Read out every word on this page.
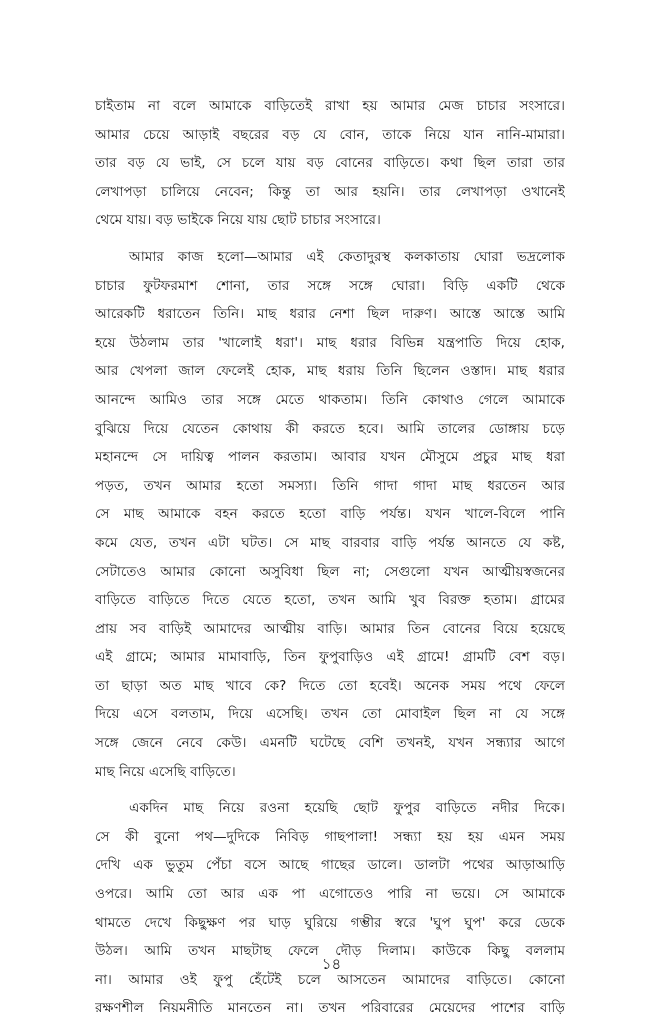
চাইতাম না বলে আমাকে বাড়িতেই রাখা হয় আমার মেজ চাচার সংসারে।
আমার চেয়ে আড়াই বছরের বড় যে বোন, তাকে নিয়ে যান নানি-মামারা।
তার বড় যে ভাই, সে চলে যায় বড় বোনের বাড়িতে। কথা ছিল তারা তার
লেখাপড়া চালিয়ে নেবেন; কিন্তু তা আর হয়নি। তার লেখাপড়া ওখানেই
থেমে যায়। বড় ভাইকে নিয়ে যায় ছোট চাচার সংসারে।
আমার কাজ হলো—আমার এই কেতাদুরস্থ কলকাতায় ঘোরা ভদ্রলোক
চাচার ফুটফরমাশ শোনা, তার সঙ্গে সঙ্গে ঘোরা। বিড়ি একটি থেকে
আরেকটি ধরাতেন তিনি। মাছ ধরার নেশা ছিল দারুণ। আস্তে আস্তে আমি
হয়ে উঠলাম তার 'খালোই ধরা'। মাছ ধরার বিভিন্ন যন্ত্রপাতি দিয়ে হোক,
আর খেপলা জাল ফেলেই হোক, মাছ ধরায় তিনি ছিলেন ওস্তাদ। মাছ ধরার
আনন্দে আমিও তার সঙ্গে মেতে থাকতাম। তিনি কোথাও গেলে আমাকে
বুঝিয়ে দিয়ে যেতেন কোথায় কী করতে হবে। আমি তালের ডোঙ্গায় চড়ে
মহানন্দে সে দায়িত্ব পালন করতাম। আবার যখন মৌসুমে প্রচুর মাছ ধরা
পড়ত, তখন আমার হতো সমস্যা। তিনি গাদা গাদা মাছ ধরতেন আর
সে মাছ আমাকে বহন করতে হতো বাড়ি পর্যন্ত। যখন খালে-বিলে পানি
কমে যেত, তখন এটা ঘটত। সে মাছ বারবার বাড়ি পর্যন্ত আনতে যে কষ্ট,
সেটাতেও আমার কোনো অসুবিধা ছিল না; সেগুলো যখন আত্মীয়স্বজনের
বাড়িতে বাড়িতে দিতে যেতে হতো, তখন আমি খুব বিরক্ত হতাম। গ্রামের
প্রায় সব বাড়িই আমাদের আত্মীয় বাড়ি। আমার তিন বোনের বিয়ে হয়েছে
এই গ্রামে; আমার মামাবাড়ি, তিন ফুপুবাড়িও এই গ্রামে! গ্রামটি বেশ বড়।
তা ছাড়া অত মাছ খাবে কে? দিতে তো হবেই। অনেক সময় পথে ফেলে
দিয়ে এসে বলতাম, দিয়ে এসেছি। তখন তো মোবাইল ছিল না যে সঙ্গে
সঙ্গে জেনে নেবে কেউ। এমনটি ঘটেছে বেশি তখনই, যখন সন্ধ্যার আগে
মাছ নিয়ে এসেছি বাড়িতে।
একদিন মাছ নিয়ে রওনা হয়েছি ছোট ফুপুর বাড়িতে নদীর দিকে।
সে কী বুনো পথ—দুদিকে নিবিড় গাছপালা! সন্ধ্যা হয় হয় এমন সময়
দেখি এক ভুতুম পেঁচা বসে আছে গাছের ডালে। ডালটা পথের আড়াআড়ি
ওপরে। আমি তো আর এক পা এগোতেও পারি না ভয়ে। সে আমাকে
থামতে দেখে কিছুক্ষণ পর ঘাড় ঘুরিয়ে গম্ভীর স্বরে 'ঘুপ ঘুপ' করে ডেকে
উঠল। আমি তখন মাছটাছ ফেলে দৌড় দিলাম। কাউকে কিছু বললাম
না। আমার ওই ফুপু হেঁটেই চলে আসতেন আমাদের বাড়িতে। কোনো
রক্ষণশীল নিয়মনীতি মানতেন না। তখন পরিবারের মেয়েদের পাশের বাড়ি
১৪
